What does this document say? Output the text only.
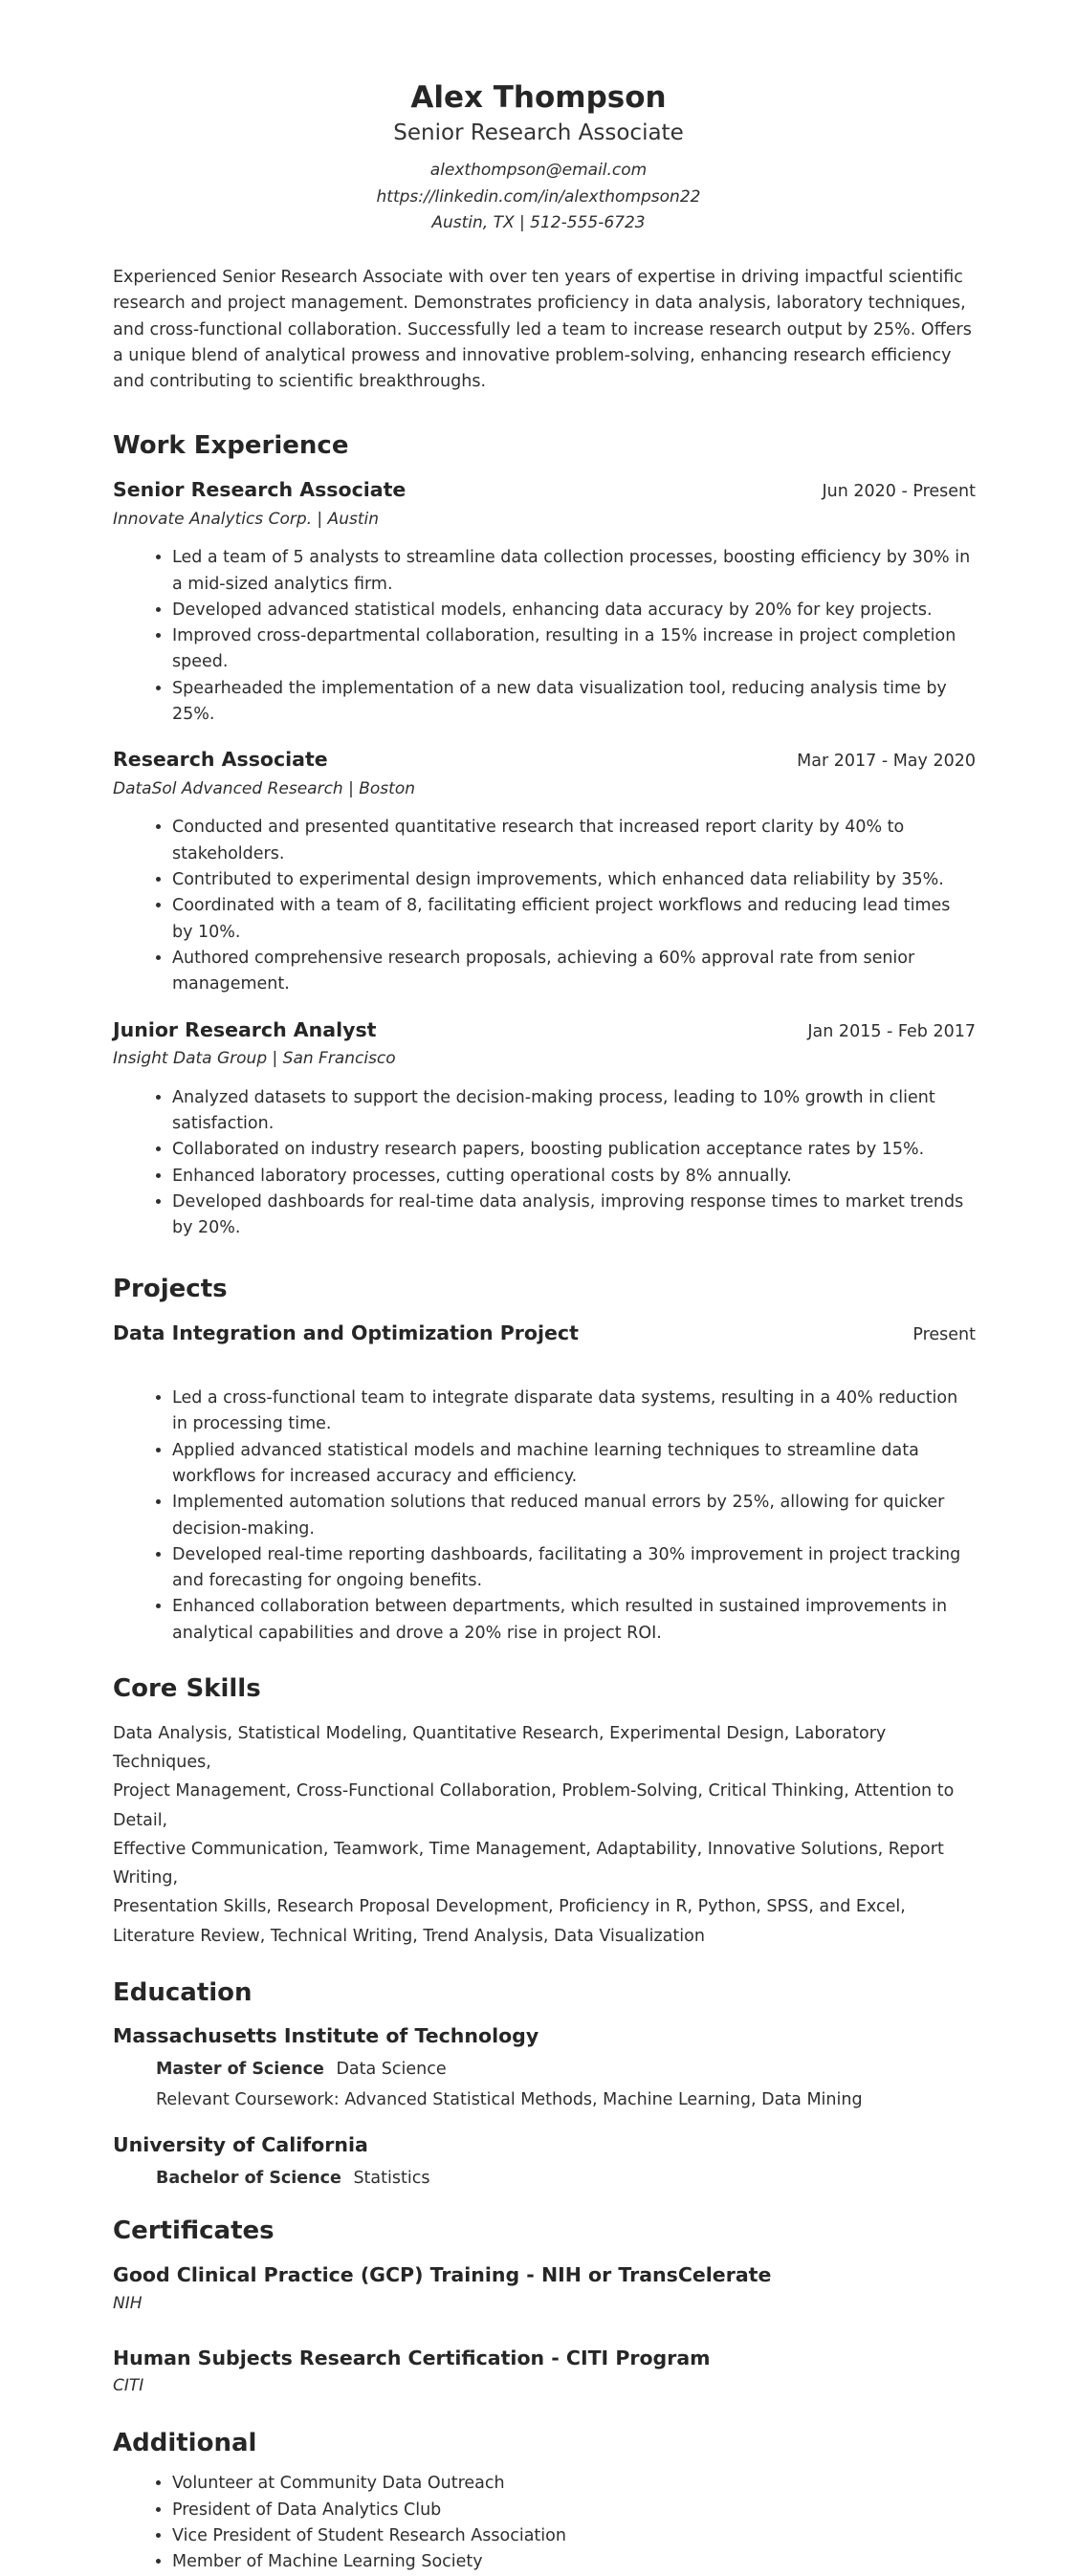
Alex Thompson
Senior Research Associate
alexthompson@email.com
https://linkedin.com/in/alexthompson22
Austin, TX | 512-555-6723
Experienced Senior Research Associate with over ten years of expertise in driving impactful scientific research and project management. Demonstrates proficiency in data analysis, laboratory techniques, and cross-functional collaboration. Successfully led a team to increase research output by 25%. Offers a unique blend of analytical prowess and innovative problem-solving, enhancing research efficiency and contributing to scientific breakthroughs.
Work Experience
Senior Research Associate	Jun 2020 - Present
Innovate Analytics Corp. | Austin
• Led a team of 5 analysts to streamline data collection processes, boosting efficiency by 30% in a mid-sized analytics firm.
• Developed advanced statistical models, enhancing data accuracy by 20% for key projects.
• Improved cross-departmental collaboration, resulting in a 15% increase in project completion speed.
• Spearheaded the implementation of a new data visualization tool, reducing analysis time by 25%.
Research Associate	Mar 2017 - May 2020
DataSol Advanced Research | Boston
• Conducted and presented quantitative research that increased report clarity by 40% to stakeholders.
• Contributed to experimental design improvements, which enhanced data reliability by 35%.
• Coordinated with a team of 8, facilitating efficient project workflows and reducing lead times by 10%.
• Authored comprehensive research proposals, achieving a 60% approval rate from senior management.
Junior Research Analyst	Jan 2015 - Feb 2017
Insight Data Group | San Francisco
• Analyzed datasets to support the decision-making process, leading to 10% growth in client satisfaction.
• Collaborated on industry research papers, boosting publication acceptance rates by 15%.
• Enhanced laboratory processes, cutting operational costs by 8% annually.
• Developed dashboards for real-time data analysis, improving response times to market trends by 20%.
Projects
Data Integration and Optimization Project	Present
• Led a cross-functional team to integrate disparate data systems, resulting in a 40% reduction in processing time.
• Applied advanced statistical models and machine learning techniques to streamline data workflows for increased accuracy and efficiency.
• Implemented automation solutions that reduced manual errors by 25%, allowing for quicker decision-making.
• Developed real-time reporting dashboards, facilitating a 30% improvement in project tracking and forecasting for ongoing benefits.
• Enhanced collaboration between departments, which resulted in sustained improvements in analytical capabilities and drove a 20% rise in project ROI.
Core Skills
Data Analysis, Statistical Modeling, Quantitative Research, Experimental Design, Laboratory Techniques,
Project Management, Cross-Functional Collaboration, Problem-Solving, Critical Thinking, Attention to Detail,
Effective Communication, Teamwork, Time Management, Adaptability, Innovative Solutions, Report Writing,
Presentation Skills, Research Proposal Development, Proficiency in R, Python, SPSS, and Excel,
Literature Review, Technical Writing, Trend Analysis, Data Visualization
Education
Massachusetts Institute of Technology
Master of Science Data Science
Relevant Coursework: Advanced Statistical Methods, Machine Learning, Data Mining
University of California
Bachelor of Science Statistics
Certificates
Good Clinical Practice (GCP) Training - NIH or TransCelerate
NIH
Human Subjects Research Certification - CITI Program
CITI
Additional
• Volunteer at Community Data Outreach
• President of Data Analytics Club
• Vice President of Student Research Association
• Member of Machine Learning Society
